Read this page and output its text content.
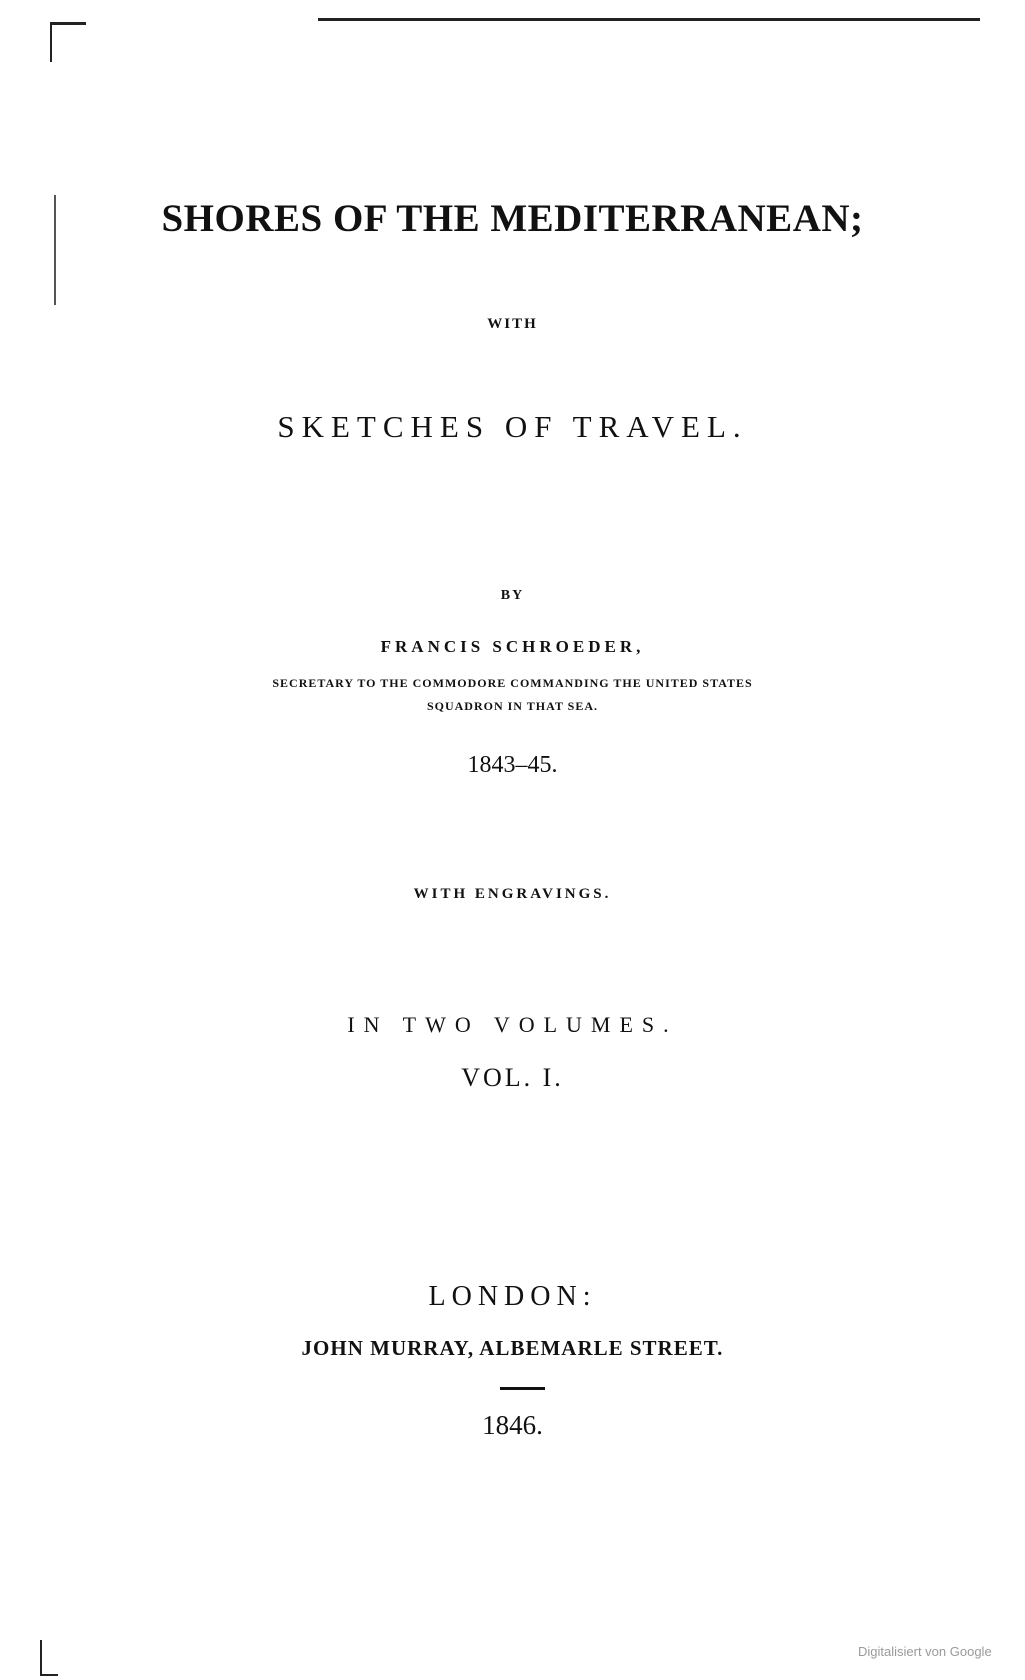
SHORES OF THE MEDITERRANEAN;
WITH
SKETCHES OF TRAVEL.
BY
FRANCIS SCHROEDER,
SECRETARY TO THE COMMODORE COMMANDING THE UNITED STATES
SQUADRON IN THAT SEA.
1843–45.
WITH ENGRAVINGS.
IN TWO VOLUMES.
VOL. I.
LONDON:
JOHN MURRAY, ALBEMARLE STREET.
1846.
Digitalisiert von Google
